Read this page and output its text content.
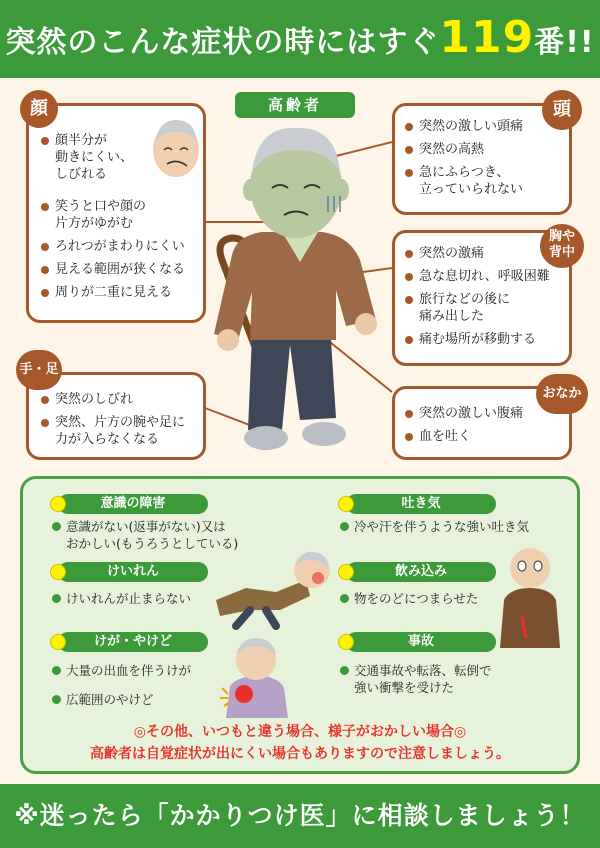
突然のこんな症状の時にはすぐ119番!!
高齢者
顔半分が
動きにくい、
しびれる
笑うと口や顔の
片方がゆがむ
ろれつがまわりにくい
見える範囲が狭くなる
周りが二重に見える
顔
突然のしびれ
突然、片方の腕や足に
力が入らなくなる
手・足
突然の激しい頭痛
突然の高熱
急にふらつき、
立っていられない
頭
突然の激痛
急な息切れ、呼吸困難
旅行などの後に
痛み出した
痛む場所が移動する
胸や
背中
突然の激しい腹痛
血を吐く
おなか
意識の障害
意識がない(返事がない)又は
おかしい(もうろうとしている)
けいれん
けいれんが止まらない
けが・やけど
大量の出血を伴うけが
広範囲のやけど
吐き気
冷や汗を伴うような強い吐き気
飲み込み
物をのどにつまらせた
事故
交通事故や転落、転倒で
強い衝撃を受けた
◎その他、いつもと違う場合、様子がおかしい場合◎
高齢者は自覚症状が出にくい場合もありますので注意しましょう。
※迷ったら「かかりつけ医」に相談しましょう！
